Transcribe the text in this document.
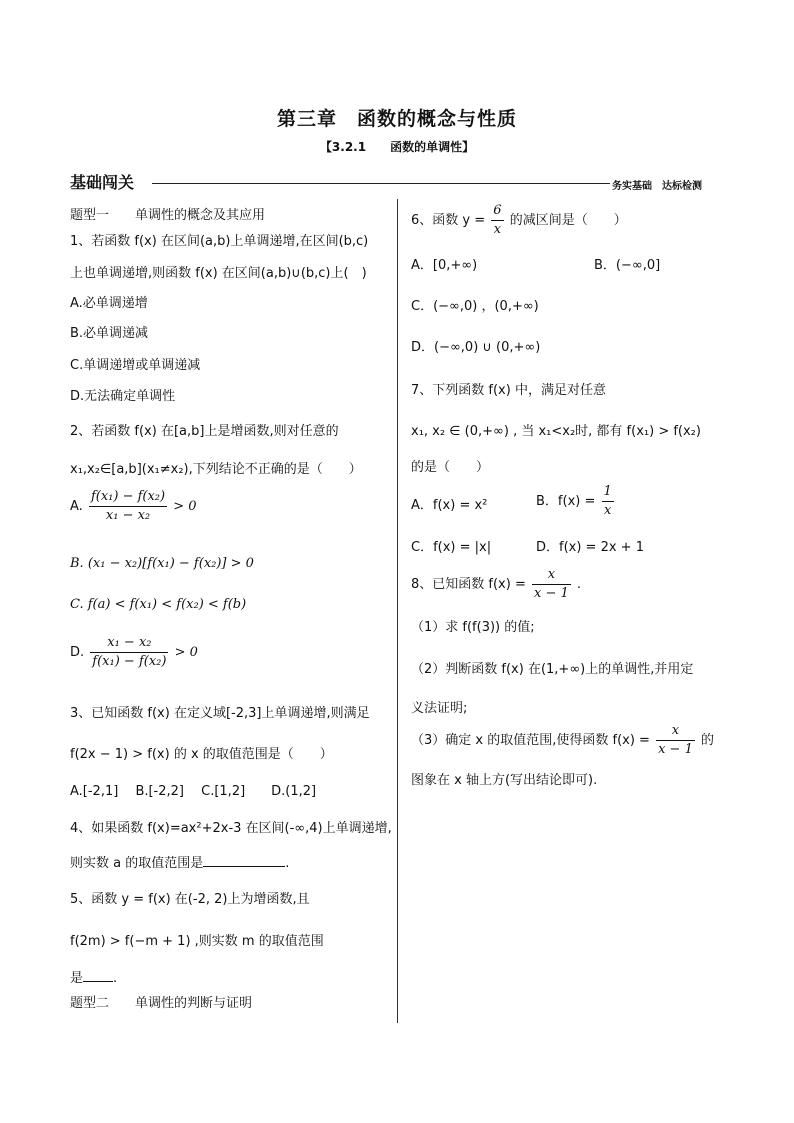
第三章　函数的概念与性质
【3.2.1　　函数的单调性】
基础闯关	务实基础　达标检测
题型一　　单调性的概念及其应用
1、若函数 f(x) 在区间(a,b)上单调递增,在区间(b,c)
上也单调递增,则函数 f(x) 在区间(a,b)∪(b,c)上(　)
A.必单调递增
B.必单调递减
C.单调递增或单调递减
D.无法确定单调性
2、若函数 f(x) 在[a,b]上是增函数,则对任意的
x₁,x₂∈[a,b](x₁≠x₂),下列结论不正确的是（　　）
A. $\frac{\text{f(x₁) − f(x₂)}}{\text{x₁ − x₂}} > 0$
B. (x₁ − x₂)[f(x₁) − f(x₂)] > 0
C. f(a) < f(x₁) < f(x₂) < f(b)
D. $\frac{\text{x₁ − x₂}}{\text{f(x₁) − f(x₂)}} > 0$
3、已知函数 f(x) 在定义域[-2,3]上单调递增,则满足
f(2x − 1) > f(x) 的 x 的取值范围是（　　）
A.[-2,1]　 B.[-2,2]　 C.[1,2]　　D.(1,2]
4、如果函数 f(x)=ax²+2x-3 在区间(-∞,4)上单调递增,
则实数 a 的取值范围是	.
5、函数 y = f(x) 在(-2, 2)上为增函数,且
f(2m) > f(−m + 1) ,则实数 m 的取值范围
是 .
题型二　　单调性的判断与证明
6、函数 $y = \frac{6}{x}$ 的减区间是（　　）
A．[0,+∞)	B．(−∞,0]
C．(−∞,0) ，(0,+∞)
D．(−∞,0) ∪ (0,+∞)
7、下列函数 f(x) 中，满足对任意
x₁, x₂ ∈ (0,+∞) , 当 x₁<x₂时, 都有 f(x₁) > f(x₂)
的是（　　）
A．f(x) = x²	B．$f(x) = \frac{1}{x}$
C．f(x) = |x|	D．f(x) = 2x + 1
8、已知函数 $f(x) = \frac{x}{x - 1}$ .
（1）求 f(f(3)) 的值;
（2）判断函数 f(x) 在(1,+∞)上的单调性,并用定
义法证明;
（3）确定 x 的取值范围,使得函数 $f(x) = \frac{x}{x - 1}$ 的
图象在 x 轴上方(写出结论即可).
